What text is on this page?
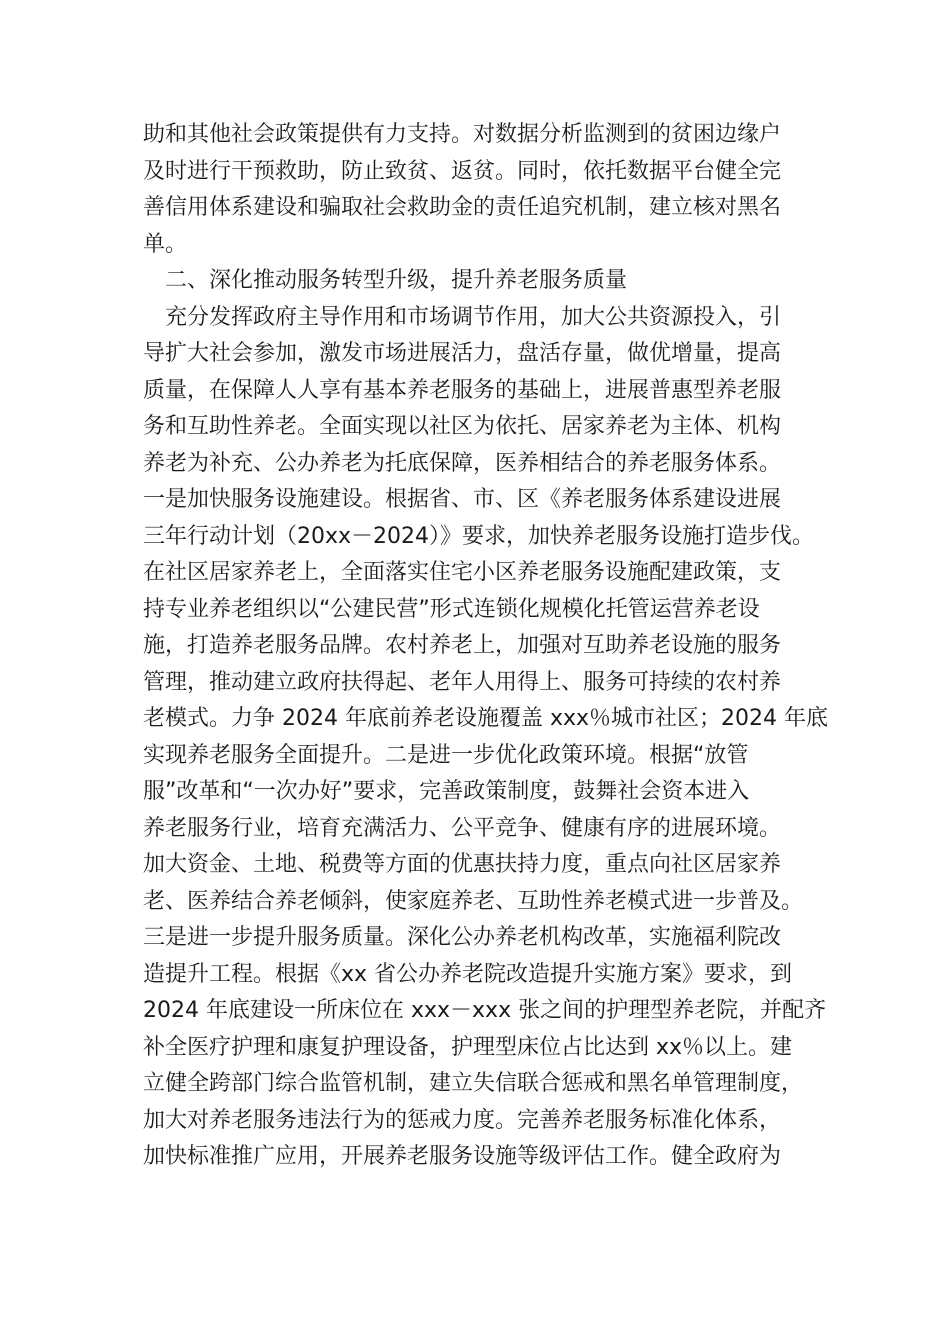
助和其他社会政策提供有力支持。对数据分析监测到的贫困边缘户
及时进行干预救助，防止致贫、返贫。同时，依托数据平台健全完
善信用体系建设和骗取社会救助金的责任追究机制，建立核对黑名
单。
　二、深化推动服务转型升级，提升养老服务质量
　充分发挥政府主导作用和市场调节作用，加大公共资源投入，引
导扩大社会参加，激发市场进展活力，盘活存量，做优增量，提高
质量，在保障人人享有基本养老服务的基础上，进展普惠型养老服
务和互助性养老。全面实现以社区为依托、居家养老为主体、机构
养老为补充、公办养老为托底保障，医养相结合的养老服务体系。
一是加快服务设施建设。根据省、市、区《养老服务体系建设进展
三年行动计划（20xx－2024）》要求，加快养老服务设施打造步伐。
在社区居家养老上，全面落实住宅小区养老服务设施配建政策，支
持专业养老组织以“公建民营”形式连锁化规模化托管运营养老设
施，打造养老服务品牌。农村养老上，加强对互助养老设施的服务
管理，推动建立政府扶得起、老年人用得上、服务可持续的农村养
老模式。力争 2024 年底前养老设施覆盖 xxx％城市社区；2024 年底
实现养老服务全面提升。二是进一步优化政策环境。根据“放管
服”改革和“一次办好”要求，完善政策制度，鼓舞社会资本进入
养老服务行业，培育充满活力、公平竞争、健康有序的进展环境。
加大资金、土地、税费等方面的优惠扶持力度，重点向社区居家养
老、医养结合养老倾斜，使家庭养老、互助性养老模式进一步普及。
三是进一步提升服务质量。深化公办养老机构改革，实施福利院改
造提升工程。根据《xx 省公办养老院改造提升实施方案》要求，到
2024 年底建设一所床位在 xxx－xxx 张之间的护理型养老院，并配齐
补全医疗护理和康复护理设备，护理型床位占比达到 xx％以上。建
立健全跨部门综合监管机制，建立失信联合惩戒和黑名单管理制度，
加大对养老服务违法行为的惩戒力度。完善养老服务标准化体系，
加快标准推广应用，开展养老服务设施等级评估工作。健全政府为
